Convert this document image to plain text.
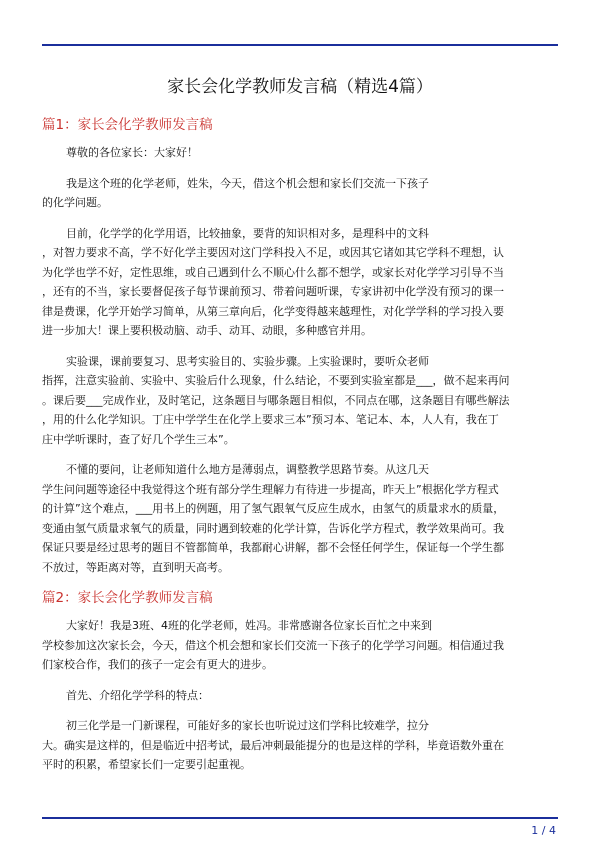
家长会化学教师发言稿（精选4篇）
篇1：家长会化学教师发言稿
尊敬的各位家长：大家好！
我是这个班的化学老师，姓朱，今天，借这个机会想和家长们交流一下孩子
的化学问题。
目前，化学学的化学用语，比较抽象，要背的知识相对多，是理科中的文科
，对智力要求不高，学不好化学主要因对这门学科投入不足，或因其它诸如其它学科不理想，认
为化学也学不好，定性思维，或自己遇到什么不顺心什么都不想学，或家长对化学学习引导不当
，还有的不当，家长要督促孩子每节课前预习、带着问题听课，专家讲初中化学没有预习的课一
律是费课，化学开始学习简单，从第三章向后，化学变得越来越理性，对化学学科的学习投入要
进一步加大！课上要积极动脑、动手、动耳、动眼，多种感官并用。
实验课，课前要复习、思考实验目的、实验步骤。上实验课时，要听众老师
指挥，注意实验前、实验中、实验后什么现象，什么结论，不要到实验室都是___，做不起来再问
。课后要___完成作业，及时笔记，这条题目与哪条题目相似，不同点在哪，这条题目有哪些解法
，用的什么化学知识。丁庄中学学生在化学上要求三本”预习本、笔记本、本，人人有，我在丁
庄中学听课时，查了好几个学生三本”。
不懂的要问，让老师知道什么地方是薄弱点，调整教学思路节奏。从这几天
学生问问题等途径中我觉得这个班有部分学生理解力有待进一步提高，昨天上”根据化学方程式
的计算”这个难点，___用书上的例题，用了氢气跟氧气反应生成水，由氢气的质量求水的质量，
变通由氢气质量求氧气的质量，同时遇到较难的化学计算，告诉化学方程式，教学效果尚可。我
保证只要是经过思考的题目不管都简单，我都耐心讲解，都不会怪任何学生，保证每一个学生都
不放过，等距离对等，直到明天高考。
篇2：家长会化学教师发言稿
大家好！我是3班、4班的化学老师，姓冯。非常感谢各位家长百忙之中来到
学校参加这次家长会，今天，借这个机会想和家长们交流一下孩子的化学学习问题。相信通过我
们家校合作，我们的孩子一定会有更大的进步。
首先、介绍化学学科的特点：
初三化学是一门新课程，可能好多的家长也听说过这们学科比较难学，拉分
大。确实是这样的，但是临近中招考试，最后冲刺最能提分的也是这样的学科，毕竟语数外重在
平时的积累，希望家长们一定要引起重视。
1 / 4
